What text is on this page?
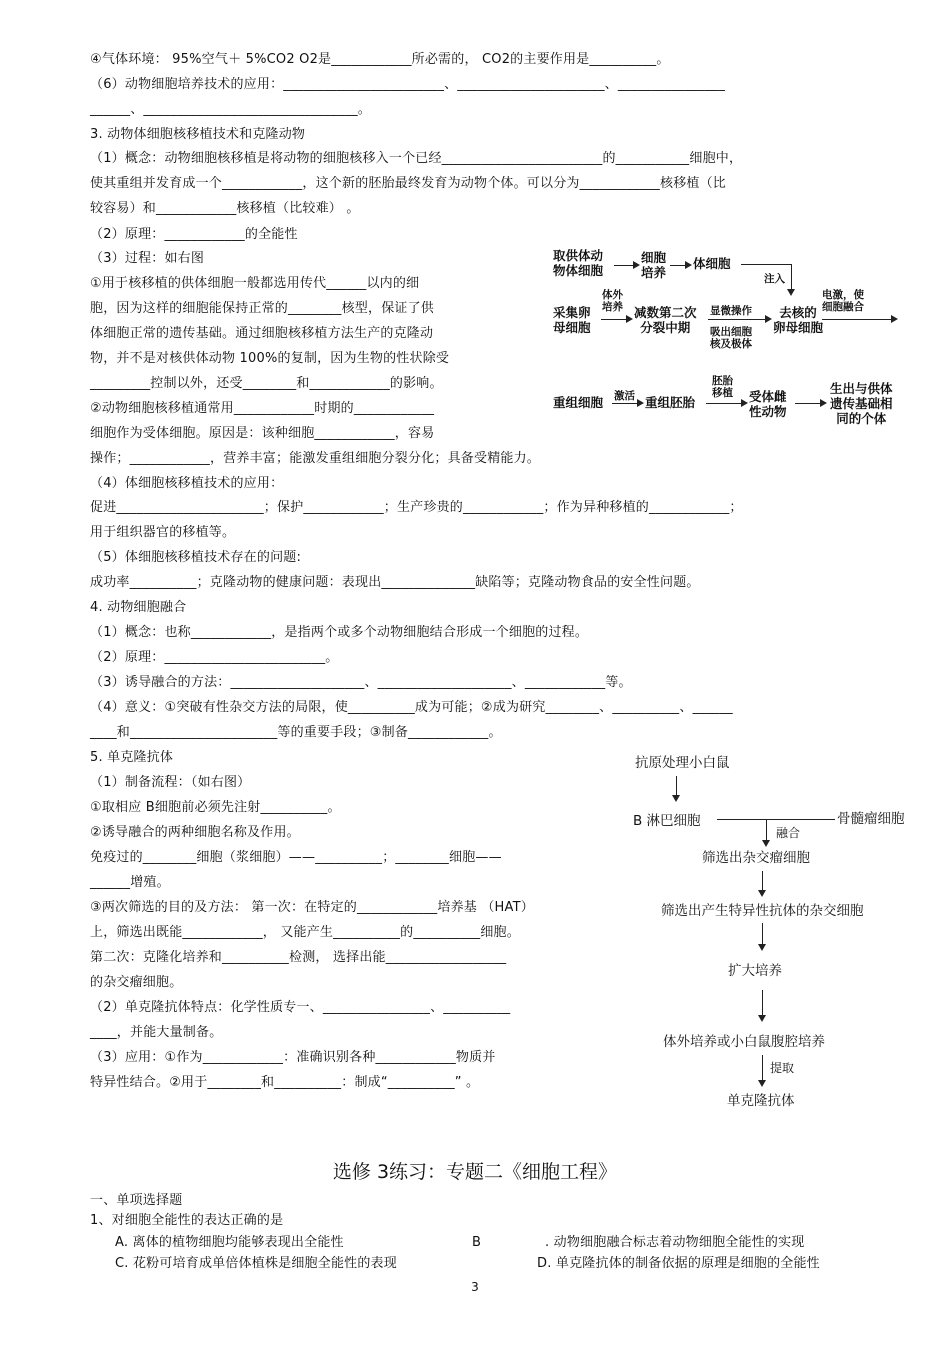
④气体环境： 95%空气＋ 5%CO2 O2是____________所必需的， CO2的主要作用是__________。
（6）动物细胞培养技术的应用：________________________、______________________、________________
______、________________________________。
3. 动物体细胞核移植技术和克隆动物
（1）概念：动物细胞核移植是将动物的细胞核移入一个已经________________________的___________细胞中，
使其重组并发育成一个____________，这个新的胚胎最终发育为动物个体。可以分为____________核移植（比
较容易）和____________核移植（比较难） 。
（2）原理：____________的全能性
（3）过程：如右图
①用于核移植的供体细胞一般都选用传代______以内的细
胞，因为这样的细胞能保持正常的________核型，保证了供
体细胞正常的遗传基础。通过细胞核移植方法生产的克隆动
物，并不是对核供体动物 100%的复制，因为生物的性状除受
_________控制以外，还受________和____________的影响。
②动物细胞核移植通常用____________时期的____________
细胞作为受体细胞。原因是：该种细胞____________，容易
操作；____________，营养丰富；能激发重组细胞分裂分化；具备受精能力。
（4）体细胞核移植技术的应用：
促进______________________；保护____________；生产珍贵的____________；作为异种移植的____________；
用于组织器官的移植等。
（5）体细胞核移植技术存在的问题:
成功率__________；克隆动物的健康问题：表现出______________缺陷等；克隆动物食品的安全性问题。
4. 动物细胞融合
（1）概念：也称____________，是指两个或多个动物细胞结合形成一个细胞的过程。
（2）原理：________________________。
（3）诱导融合的方法：____________________、____________________、____________等。
（4）意义：①突破有性杂交方法的局限，使__________成为可能；②成为研究________、__________、______
____和______________________等的重要手段；③制备____________。
5. 单克隆抗体
（1）制备流程：（如右图）
①取相应 B细胞前必须先注射__________。
②诱导融合的两种细胞名称及作用。
免疫过的________细胞（浆细胞）——__________；________细胞——
______增殖。
③两次筛选的目的及方法： 第一次：在特定的____________培养基 （HAT）
上，筛选出既能____________， 又能产生__________的__________细胞。
第二次：克隆化培养和__________检测， 选择出能__________________
的杂交瘤细胞。
（2）单克隆抗体特点：化学性质专一、________________、__________
____，并能大量制备。
（3）应用：①作为____________：准确识别各种____________物质并
特异性结合。②用于________和__________：制成“__________” 。
取供体动
物体细胞
细胞
培养
体细胞
注入
采集卵
母细胞
体外
培养 减数第二次
分裂中期
显微操作
吸出细胞
核及极体
去核的
卵母细胞
电激，使
细胞融合
重组细胞 激活 重组胚胎
胚胎
移植 受体雌
性动物
生出与供体
遗传基础相
同的个体
抗原处理小白鼠
B 淋巴细胞	骨髓瘤细胞
融合
筛选出杂交瘤细胞
筛选出产生特异性抗体的杂交细胞
扩大培养
体外培养或小白鼠腹腔培养
提取
单克隆抗体
选修 3练习：专题二《细胞工程》
一、单项选择题
1、对细胞全能性的表达正确的是
A. 离体的植物细胞均能够表现出全能性	B	. 动物细胞融合标志着动物细胞全能性的实现
C. 花粉可培育成单倍体植株是细胞全能性的表现	D. 单克隆抗体的制备依据的原理是细胞的全能性
3
